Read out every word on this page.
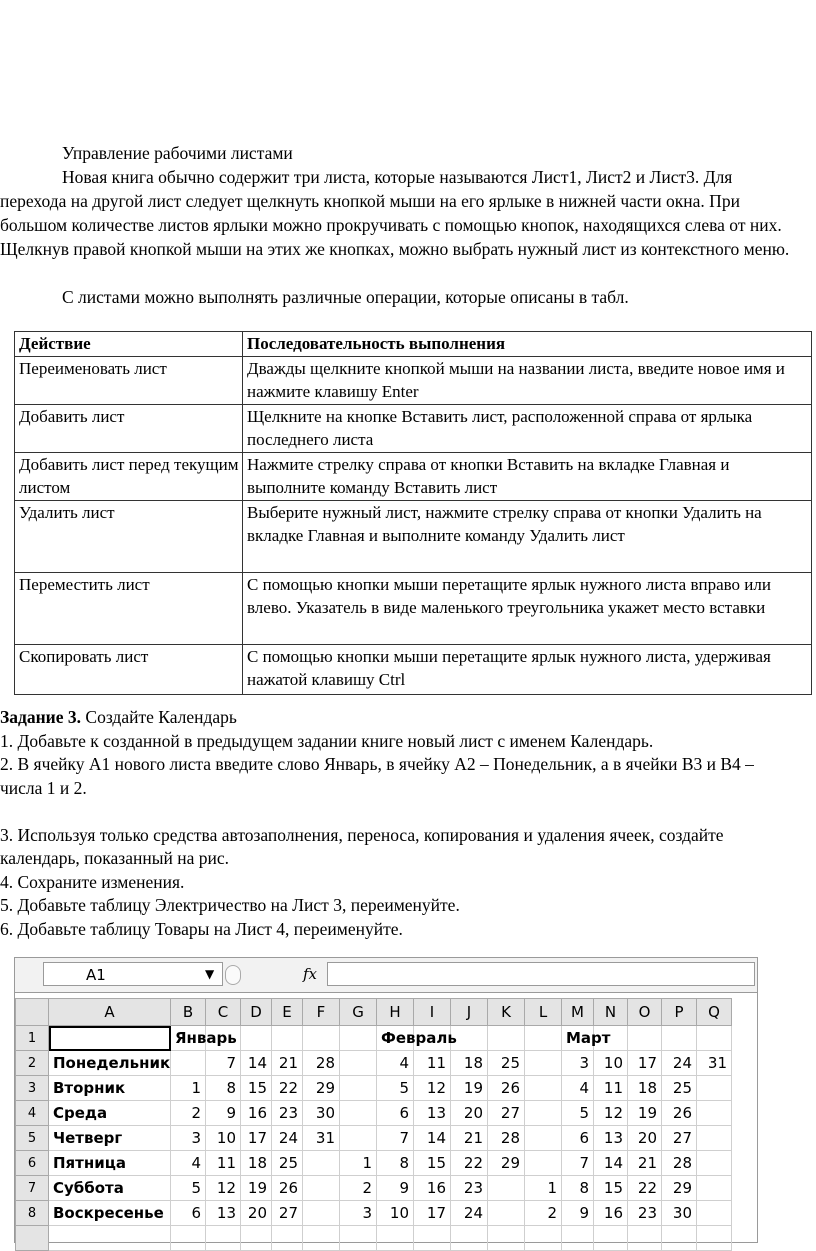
Управление рабочими листами

Новая книга обычно содержит три листа, которые называются Лист1, Лист2 и Лист3. Для перехода на другой лист следует щелкнуть кнопкой мыши на его ярлыке в нижней части окна. При большом количестве листов ярлыки можно прокручивать с помощью кнопок, находящихся слева от них. Щелкнув правой кнопкой мыши на этих же кнопках, можно выбрать нужный лист из контекстного меню.

С листами можно выполнять различные операции, которые описаны в табл.

Действие	Последовательность выполнения
Переименовать лист	Дважды щелкните кнопкой мыши на названии листа, введите новое имя и нажмите клавишу Enter
Добавить лист	Щелкните на кнопке Вставить лист, расположенной справа от ярлыка последнего листа
Добавить лист перед текущим листом	Нажмите стрелку справа от кнопки Вставить на вкладке Главная и выполните команду Вставить лист
Удалить лист	Выберите нужный лист, нажмите стрелку справа от кнопки Удалить на вкладке Главная и выполните команду Удалить лист
Переместить лист	С помощью кнопки мыши перетащите ярлык нужного листа вправо или влево. Указатель в виде маленького треугольника укажет место вставки
Скопировать лист	С помощью кнопки мыши перетащите ярлык нужного листа, удерживая нажатой клавишу Ctrl
Задание 3. Создайте Календарь
1. Добавьте к созданной в предыдущем задании книге новый лист с именем Календарь.
2. В ячейку А1 нового листа введите слово Январь, в ячейку А2 – Понедельник, а в ячейки В3 и В4 – числа 1 и 2.
3. Используя только средства автозаполнения, переноса, копирования и удаления ячеек, создайте календарь, показанный на рис.
4. Сохраните изменения.
5. Добавьте таблицу Электричество на Лист 3, переименуйте.
6. Добавьте таблицу Товары на Лист 4, переименуйте.
A1	▼	fx
	A	B	C	D	E	F	G	H	I	J	K	L	M	N	O	P	Q
1		Январь						Февраль					Март				
2	Понедельник		7	14	21	28		4	11	18	25		3	10	17	24	31
3	Вторник	1	8	15	22	29		5	12	19	26		4	11	18	25	
4	Среда	2	9	16	23	30		6	13	20	27		5	12	19	26	
5	Четверг	3	10	17	24	31		7	14	21	28		6	13	20	27	
6	Пятница	4	11	18	25		1	8	15	22	29		7	14	21	28	
7	Суббота	5	12	19	26		2	9	16	23		1	8	15	22	29	
8	Воскресенье	6	13	20	27		3	10	17	24		2	9	16	23	30	
